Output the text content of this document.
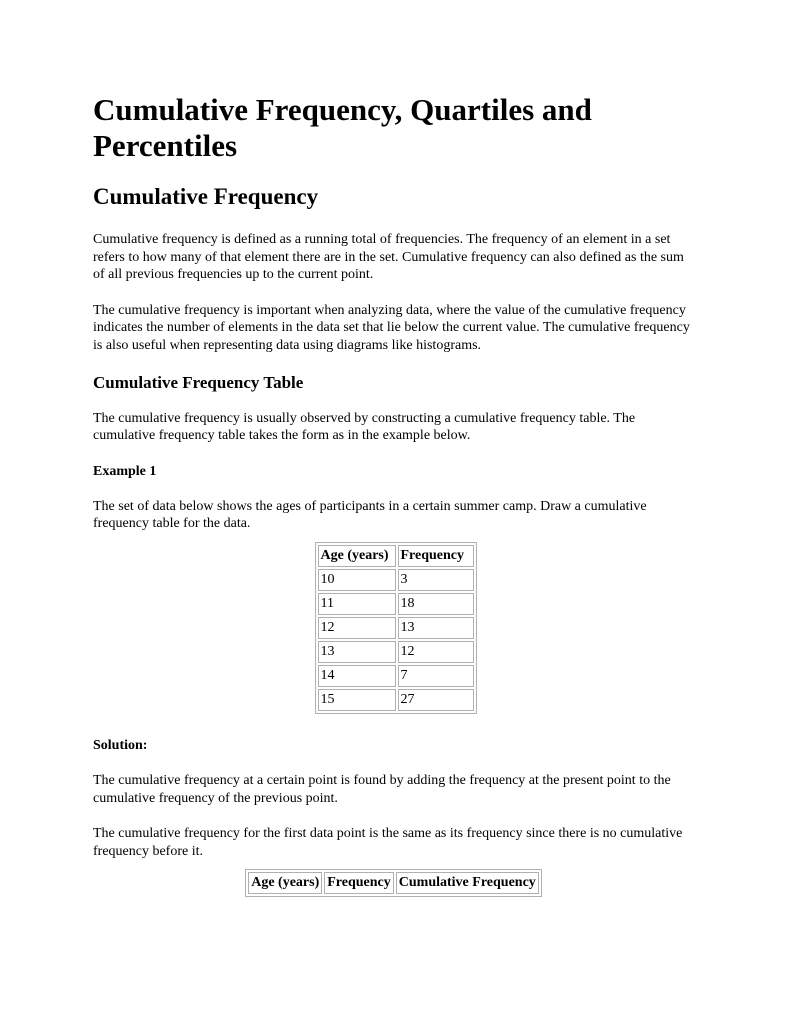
Cumulative Frequency, Quartiles and Percentiles
Cumulative Frequency

Cumulative frequency is defined as a running total of frequencies. The frequency of an element in a set refers to how many of that element there are in the set. Cumulative frequency can also defined as the sum of all previous frequencies up to the current point.

The cumulative frequency is important when analyzing data, where the value of the cumulative frequency indicates the number of elements in the data set that lie below the current value. The cumulative frequency is also useful when representing data using diagrams like histograms.

Cumulative Frequency Table

The cumulative frequency is usually observed by constructing a cumulative frequency table. The cumulative frequency table takes the form as in the example below.

Example 1

The set of data below shows the ages of participants in a certain summer camp. Draw a cumulative frequency table for the data.

Age (years)	Frequency
10	3
11	18
12	13
13	12
14	7
15	27
Solution:

The cumulative frequency at a certain point is found by adding the frequency at the present point to the cumulative frequency of the previous point.

The cumulative frequency for the first data point is the same as its frequency since there is no cumulative frequency before it.

Age (years)	Frequency	Cumulative Frequency
